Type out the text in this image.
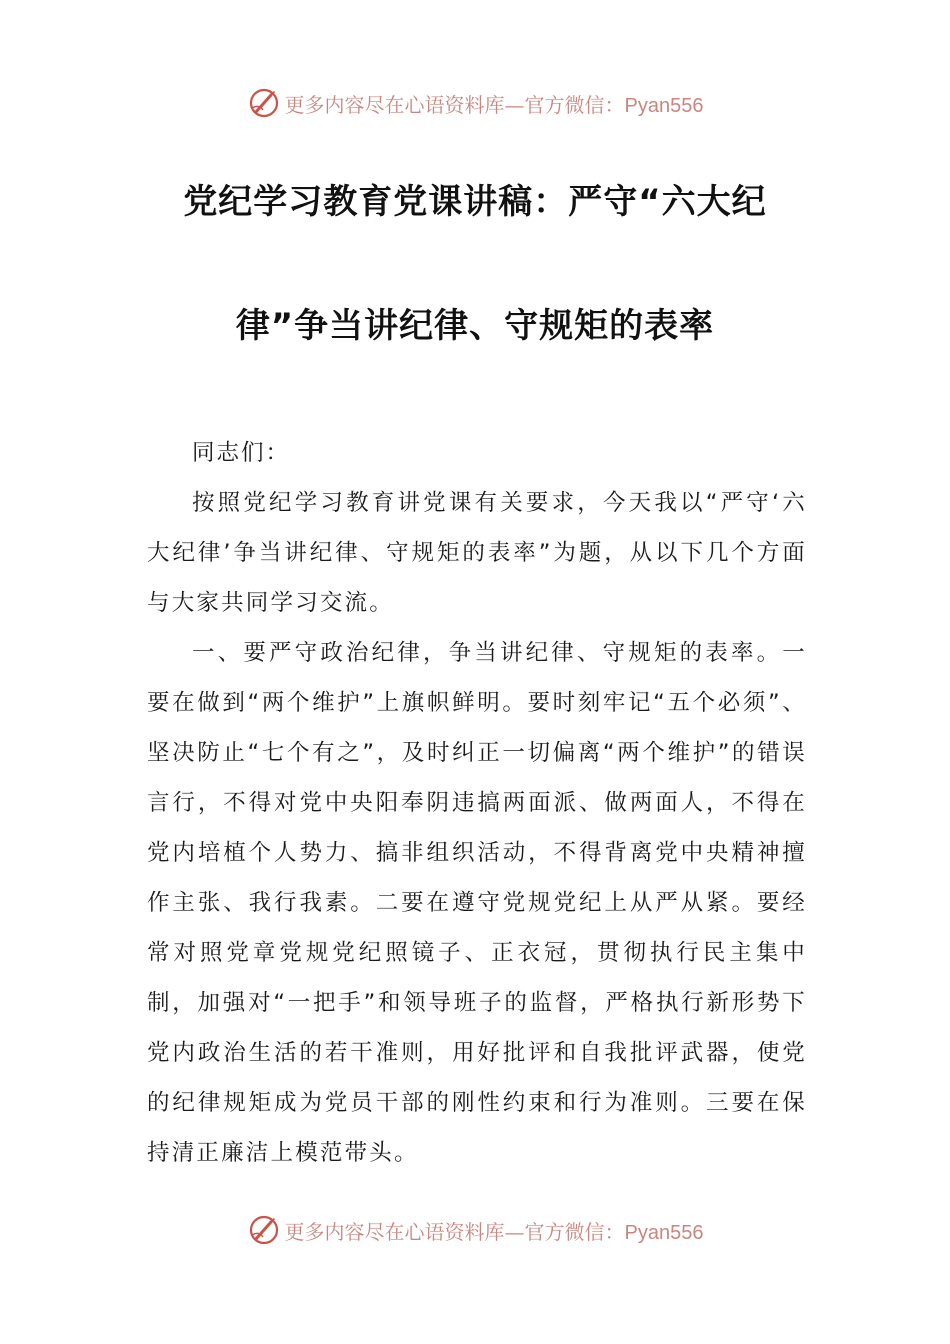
更多内容尽在心语资料库—官方微信：Pyan556
党纪学习教育党课讲稿：严守“六大纪
律”争当讲纪律、守规矩的表率

同志们：

按照党纪学习教育讲党课有关要求，今天我以“严守‘六大纪律’争当讲纪律、守规矩的表率”为题，从以下几个方面与大家共同学习交流。

一、要严守政治纪律，争当讲纪律、守规矩的表率。一要在做到“两个维护”上旗帜鲜明。要时刻牢记“五个必须”、坚决防止“七个有之”，及时纠正一切偏离“两个维护”的错误言行，不得对党中央阳奉阴违搞两面派、做两面人，不得在党内培植个人势力、搞非组织活动，不得背离党中央精神擅作主张、我行我素。二要在遵守党规党纪上从严从紧。要经常对照党章党规党纪照镜子、正衣冠，贯彻执行民主集中制，加强对“一把手”和领导班子的监督，严格执行新形势下党内政治生活的若干准则，用好批评和自我批评武器，使党的纪律规矩成为党员干部的刚性约束和行为准则。三要在保持清正廉洁上模范带头。

更多内容尽在心语资料库—官方微信：Pyan556
